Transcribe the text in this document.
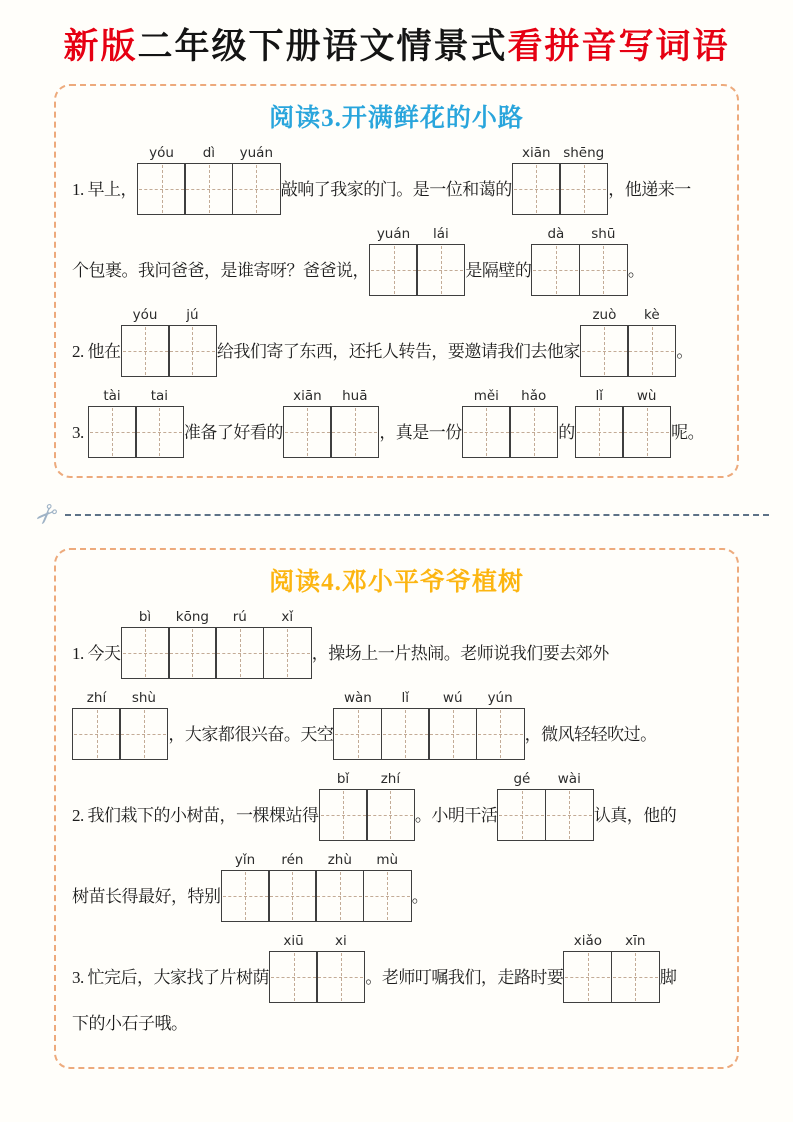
新版二年级下册语文情景式看拼音写词语
阅读3.开满鲜花的小路
1. 早上，
yóu dì yuán
敲响了我家的门。是一位和蔼的
xiān shēng
，他递来一
个包裹。我问爸爸，是谁寄呀？爸爸说，
yuán lái
是隔壁的
dà shū
。
2. 他在
yóu jú
给我们寄了东西，还托人转告，要邀请我们去他家
zuò kè
。
3.
tài tai
准备了好看的
xiān huā
，真是一份
měi hǎo
的
lǐ	wù
呢。
✂
阅读4.邓小平爷爷植树
1. 今天
bì kōng rú	xǐ
，操场上一片热闹。老师说我们要去郊外
zhí shù
，大家都很兴奋。天空
wàn lǐ	wú yún
，微风轻轻吹过。
2. 我们栽下的小树苗，一棵棵站得
bǐ zhí
。小明干活
gé wài
认真，他的
树苗长得最好，特别
yǐn rén zhù mù
。
3. 忙完后，大家找了片树荫
xiū xi
。老师叮嘱我们，走路时要
xiǎo xīn
脚
下的小石子哦。
